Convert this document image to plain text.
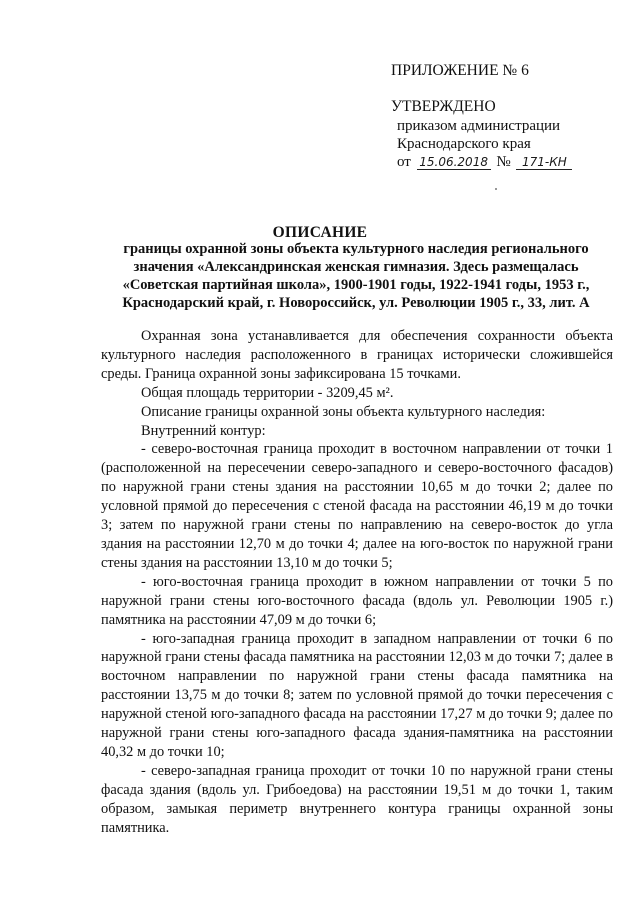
ПРИЛОЖЕНИЕ № 6
УТВЕРЖДЕНО
приказом администрации
Краснодарского края
от 15.06.2018 № 171-КН
ОПИСАНИЕ
границы охранной зоны объекта культурного наследия регионального
значения «Александринская женская гимназия. Здесь размещалась
«Советская партийная школа», 1900-1901 годы, 1922-1941 годы, 1953 г.,
Краснодарский край, г. Новороссийск, ул. Революции 1905 г., 33, лит. А

Охранная зона устанавливается для обеспечения сохранности объекта культурного наследия расположенного в границах исторически сложившейся среды. Граница охранной зоны зафиксирована 15 точками.

Общая площадь территории - 3209,45 м².

Описание границы охранной зоны объекта культурного наследия:

Внутренний контур:

- северо-восточная граница проходит в восточном направлении от точки 1 (расположенной на пересечении северо-западного и северо-восточного фасадов) по наружной грани стены здания на расстоянии 10,65 м до точки 2; далее по условной прямой до пересечения с стеной фасада на расстоянии 46,19 м до точки 3; затем по наружной грани стены по направлению на северо-восток до угла здания на расстоянии 12,70 м до точки 4; далее на юго-восток по наружной грани стены здания на расстоянии 13,10 м до точки 5;

- юго-восточная граница проходит в южном направлении от точки 5 по наружной грани стены юго-восточного фасада (вдоль ул. Революции 1905 г.) памятника на расстоянии 47,09 м до точки 6;

- юго-западная граница проходит в западном направлении от точки 6 по наружной грани стены фасада памятника на расстоянии 12,03 м до точки 7; далее в восточном направлении по наружной грани стены фасада памятника на расстоянии 13,75 м до точки 8; затем по условной прямой до точки пересечения с наружной стеной юго-западного фасада на расстоянии 17,27 м до точки 9; далее по наружной грани стены юго-западного фасада здания-памятника на расстоянии 40,32 м до точки 10;

- северо-западная граница проходит от точки 10 по наружной грани стены фасада здания (вдоль ул. Грибоедова) на расстоянии 19,51 м до точки 1, таким образом, замыкая периметр внутреннего контура границы охранной зоны памятника.
